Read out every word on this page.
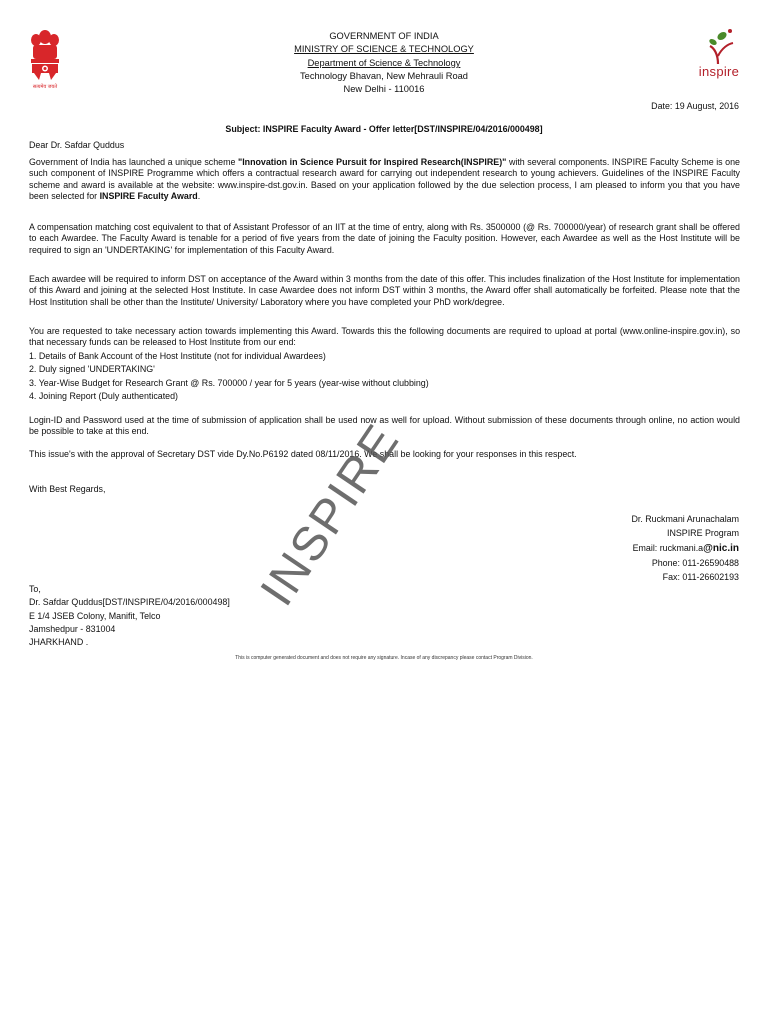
सत्यमेव जयते
GOVERNMENT OF INDIA
MINISTRY OF SCIENCE & TECHNOLOGY
Department of Science & Technology
Technology Bhavan, New Mehrauli Road
New Delhi - 110016
inspire
Date: 19 August, 2016
Subject: INSPIRE Faculty Award - Offer letter[DST/INSPIRE/04/2016/000498]
Dear Dr. Safdar Quddus
Government of India has launched a unique scheme "Innovation in Science Pursuit for Inspired Research(INSPIRE)" with several components. INSPIRE Faculty Scheme is one such component of INSPIRE Programme which offers a contractual research award for carrying out independent research to young achievers. Guidelines of the INSPIRE Faculty scheme and award is available at the website: www.inspire-dst.gov.in. Based on your application followed by the due selection process, I am pleased to inform you that you have been selected for INSPIRE Faculty Award.
A compensation matching cost equivalent to that of Assistant Professor of an IIT at the time of entry, along with Rs. 3500000 (@ Rs. 700000/year) of research grant shall be offered to each Awardee. The Faculty Award is tenable for a period of five years from the date of joining the Faculty position. However, each Awardee as well as the Host Institute will be required to sign an 'UNDERTAKING' for implementation of this Faculty Award.
Each awardee will be required to inform DST on acceptance of the Award within 3 months from the date of this offer. This includes finalization of the Host Institute for implementation of this Award and joining at the selected Host Institute. In case Awardee does not inform DST within 3 months, the Award offer shall automatically be forfeited. Please note that the Host Institution shall be other than the Institute/ University/ Laboratory where you have completed your PhD work/degree.
You are requested to take necessary action towards implementing this Award. Towards this the following documents are required to upload at portal (www.online-inspire.gov.in), so that necessary funds can be released to Host Institute from our end:
1. Details of Bank Account of the Host Institute (not for individual Awardees)
2. Duly signed 'UNDERTAKING'
3. Year-Wise Budget for Research Grant @ Rs. 700000 / year for 5 years (year-wise without clubbing)
4. Joining Report (Duly authenticated)
Login-ID and Password used at the time of submission of application shall be used now as well for upload. Without submission of these documents through online, no action would be possible to take at this end.
This issue's with the approval of Secretary DST vide Dy.No.P6192 dated 08/11/2016. We shall be looking for your responses in this respect.
With Best Regards,
Dr. Ruckmani Arunachalam
INSPIRE Program
Email: ruckmani.a@nic.in
Phone: 011-26590488
Fax: 011-26602193
To,
Dr. Safdar Quddus[DST/INSPIRE/04/2016/000498]
E 1/4 JSEB Colony, Manifit, Telco
Jamshedpur - 831004
JHARKHAND .
INSPIRE
This is computer generated document and does not require any signature. Incase of any discrepancy please contact Program Division.
